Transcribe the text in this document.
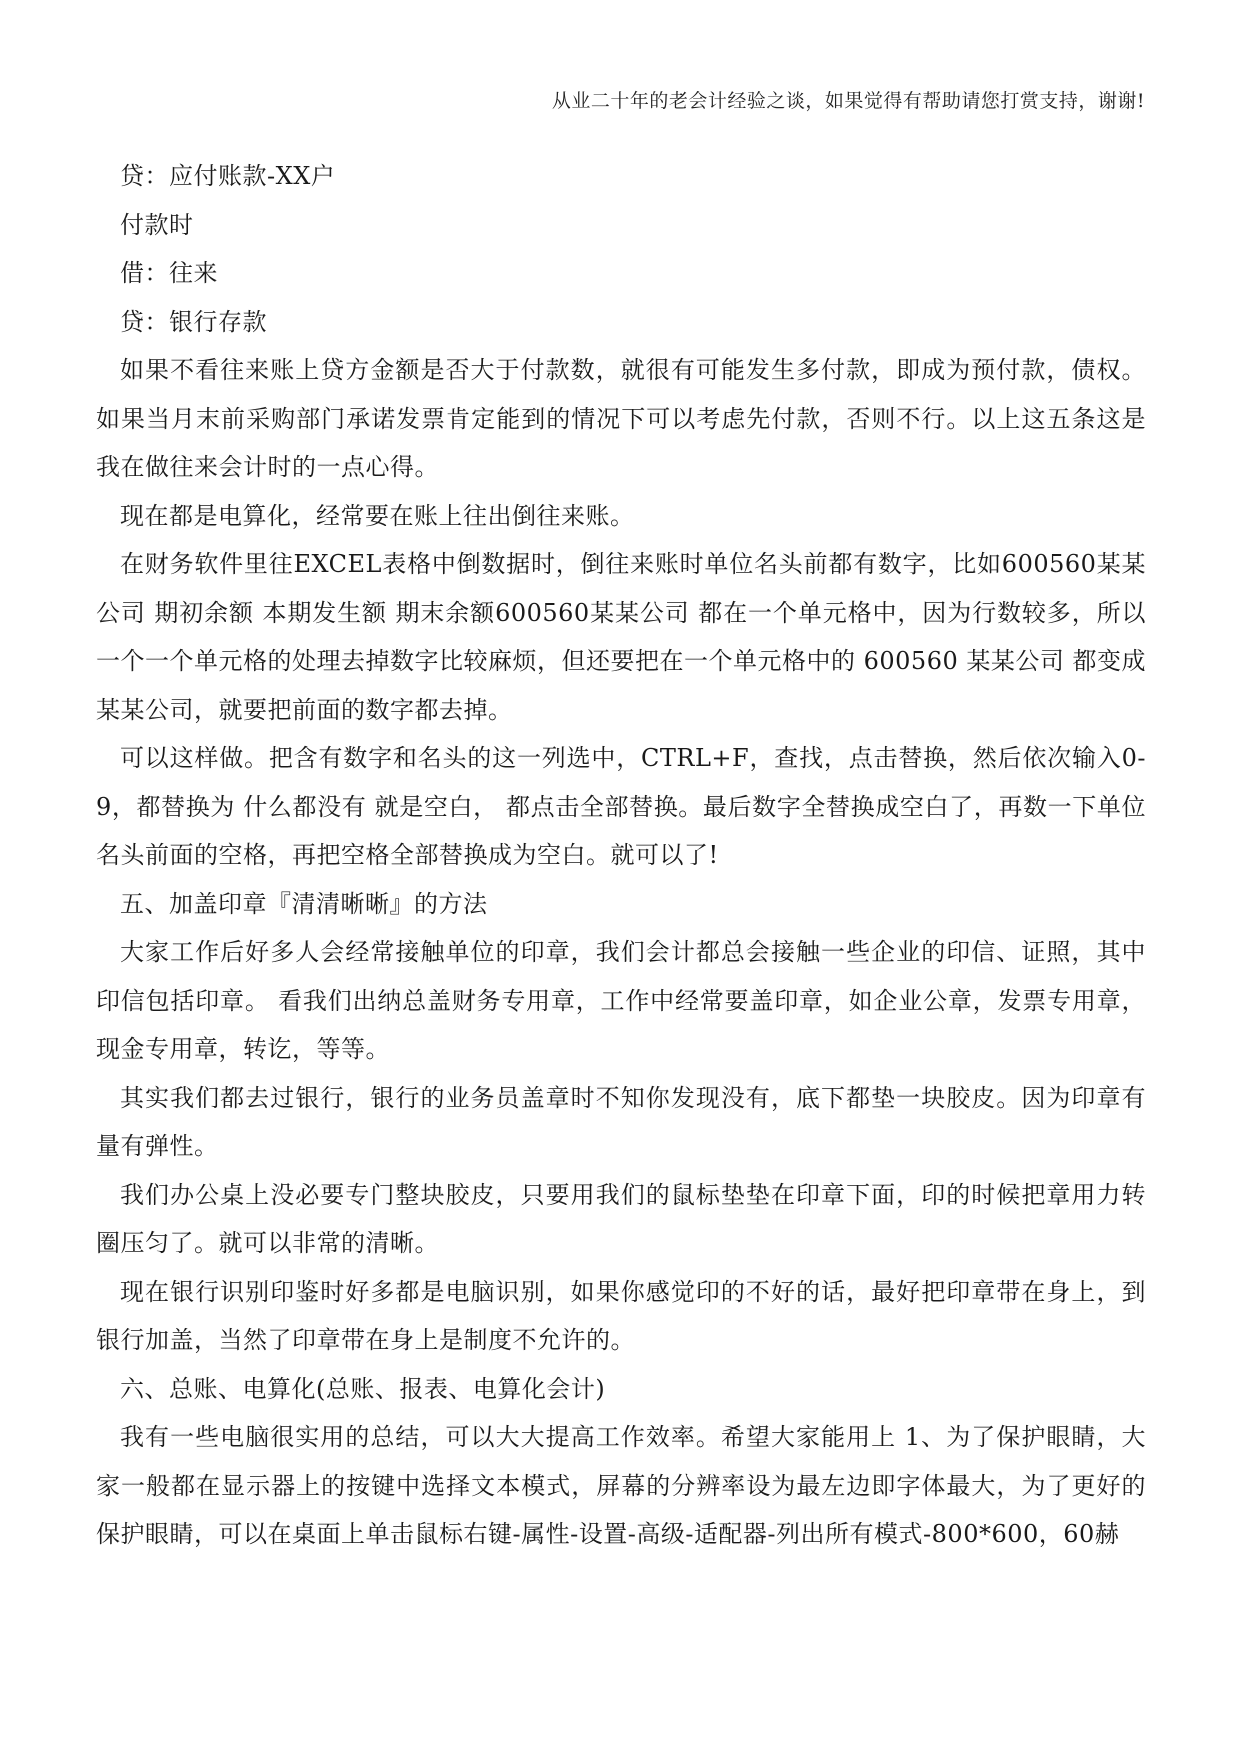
从业二十年的老会计经验之谈，如果觉得有帮助请您打赏支持，谢谢!

贷：应付账款-XX户

付款时

借：往来

贷：银行存款

如果不看往来账上贷方金额是否大于付款数，就很有可能发生多付款，即成为预付款，债权。如果当月末前采购部门承诺发票肯定能到的情况下可以考虑先付款，否则不行。以上这五条这是我在做往来会计时的一点心得。

现在都是电算化，经常要在账上往出倒往来账。

在财务软件里往EXCEL表格中倒数据时，倒往来账时单位名头前都有数字，比如600560某某公司 期初余额 本期发生额 期末余额600560某某公司 都在一个单元格中，因为行数较多，所以一个一个单元格的处理去掉数字比较麻烦，但还要把在一个单元格中的 600560 某某公司 都变成某某公司，就要把前面的数字都去掉。

可以这样做。把含有数字和名头的这一列选中，CTRL+F，查找，点击替换，然后依次输入0-9，都替换为 什么都没有 就是空白， 都点击全部替换。最后数字全替换成空白了，再数一下单位名头前面的空格，再把空格全部替换成为空白。就可以了!

五、加盖印章『清清晰晰』的方法

大家工作后好多人会经常接触单位的印章，我们会计都总会接触一些企业的印信、证照，其中印信包括印章。 看我们出纳总盖财务专用章，工作中经常要盖印章，如企业公章，发票专用章，现金专用章，转讫，等等。

其实我们都去过银行，银行的业务员盖章时不知你发现没有，底下都垫一块胶皮。因为印章有量有弹性。

我们办公桌上没必要专门整块胶皮，只要用我们的鼠标垫垫在印章下面，印的时候把章用力转圈压匀了。就可以非常的清晰。

现在银行识别印鉴时好多都是电脑识别，如果你感觉印的不好的话，最好把印章带在身上，到银行加盖，当然了印章带在身上是制度不允许的。

六、总账、电算化(总账、报表、电算化会计)

我有一些电脑很实用的总结，可以大大提高工作效率。希望大家能用上 1、为了保护眼睛，大家一般都在显示器上的按键中选择文本模式，屏幕的分辨率设为最左边即字体最大，为了更好的保护眼睛，可以在桌面上单击鼠标右键-属性-设置-高级-适配器-列出所有模式-800*600，60赫
